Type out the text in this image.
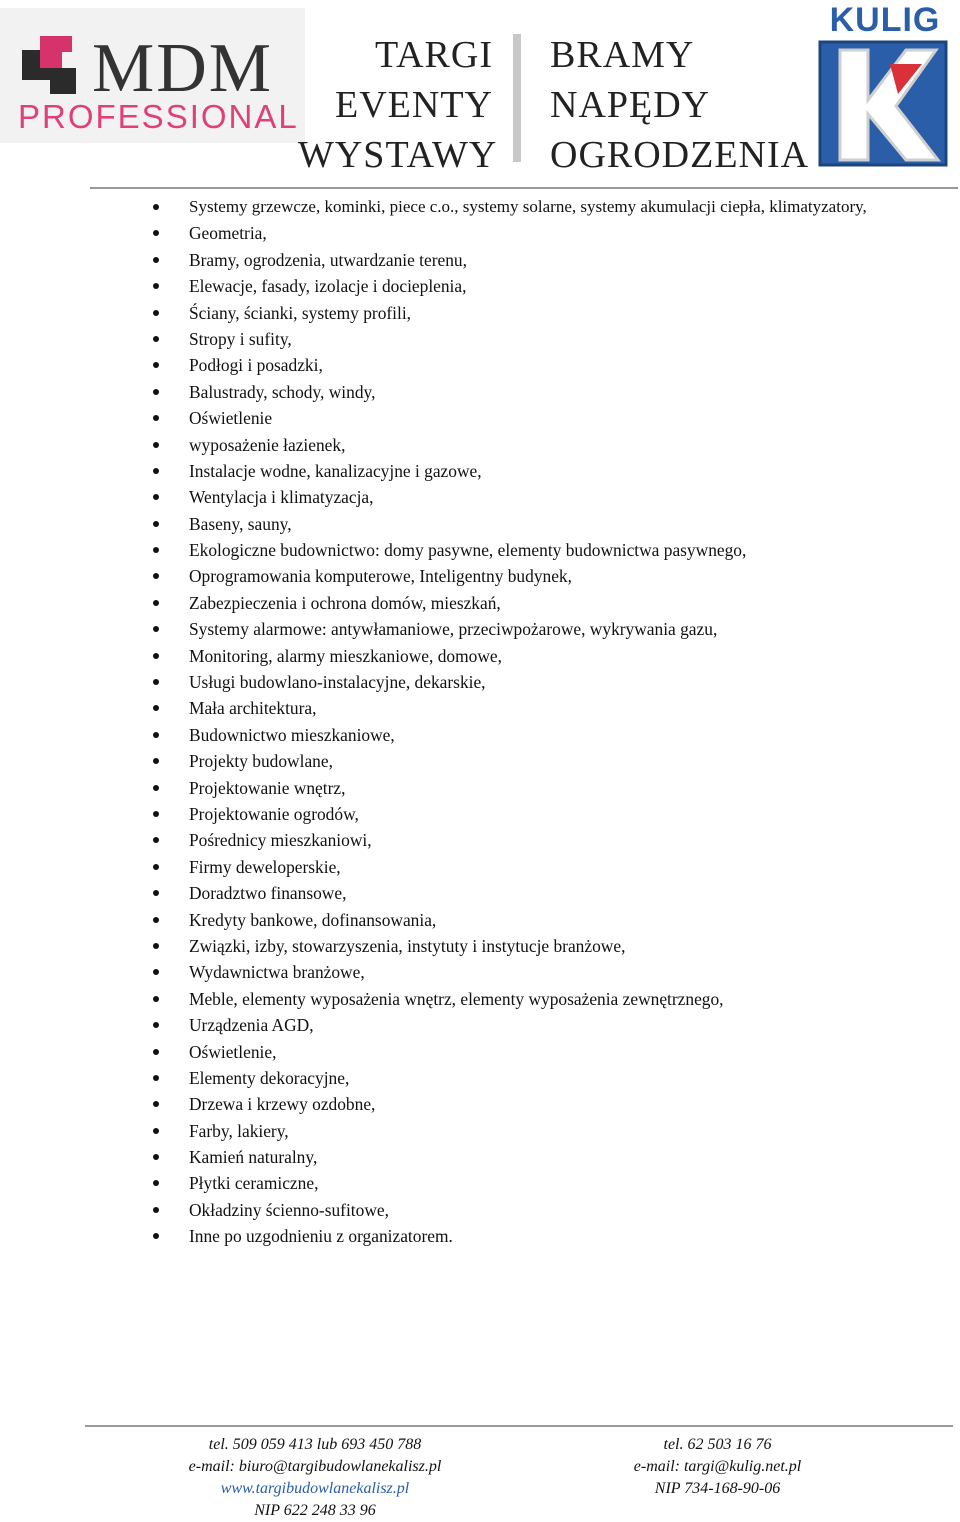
MDM
PROFESSIONAL
TARGI
EVENTY
WYSTAWY
BRAMY
NAPĘDY
OGRODZENIA
KULIG
Systemy grzewcze, kominki, piece c.o., systemy solarne, systemy akumulacji ciepła, klimatyzatory,
Geometria,
Bramy, ogrodzenia, utwardzanie terenu,
Elewacje, fasady, izolacje i docieplenia,
Ściany, ścianki, systemy profili,
Stropy i sufity,
Podłogi i posadzki,
Balustrady, schody, windy,
Oświetlenie
wyposażenie łazienek,
Instalacje wodne, kanalizacyjne i gazowe,
Wentylacja i klimatyzacja,
Baseny, sauny,
Ekologiczne budownictwo: domy pasywne, elementy budownictwa pasywnego,
Oprogramowania komputerowe, Inteligentny budynek,
Zabezpieczenia i ochrona domów, mieszkań,
Systemy alarmowe: antywłamaniowe, przeciwpożarowe, wykrywania gazu,
Monitoring, alarmy mieszkaniowe, domowe,
Usługi budowlano-instalacyjne, dekarskie,
Mała architektura,
Budownictwo mieszkaniowe,
Projekty budowlane,
Projektowanie wnętrz,
Projektowanie ogrodów,
Pośrednicy mieszkaniowi,
Firmy deweloperskie,
Doradztwo finansowe,
Kredyty bankowe, dofinansowania,
Związki, izby, stowarzyszenia, instytuty i instytucje branżowe,
Wydawnictwa branżowe,
Meble, elementy wyposażenia wnętrz, elementy wyposażenia zewnętrznego,
Urządzenia AGD,
Oświetlenie,
Elementy dekoracyjne,
Drzewa i krzewy ozdobne,
Farby, lakiery,
Kamień naturalny,
Płytki ceramiczne,
Okładziny ścienno-sufitowe,
Inne po uzgodnieniu z organizatorem.
tel. 509 059 413 lub 693 450 788
e-mail: biuro@targibudowlanekalisz.pl
www.targibudowlanekalisz.pl
NIP 622 248 33 96
tel. 62 503 16 76
e-mail: targi@kulig.net.pl
NIP 734-168-90-06
